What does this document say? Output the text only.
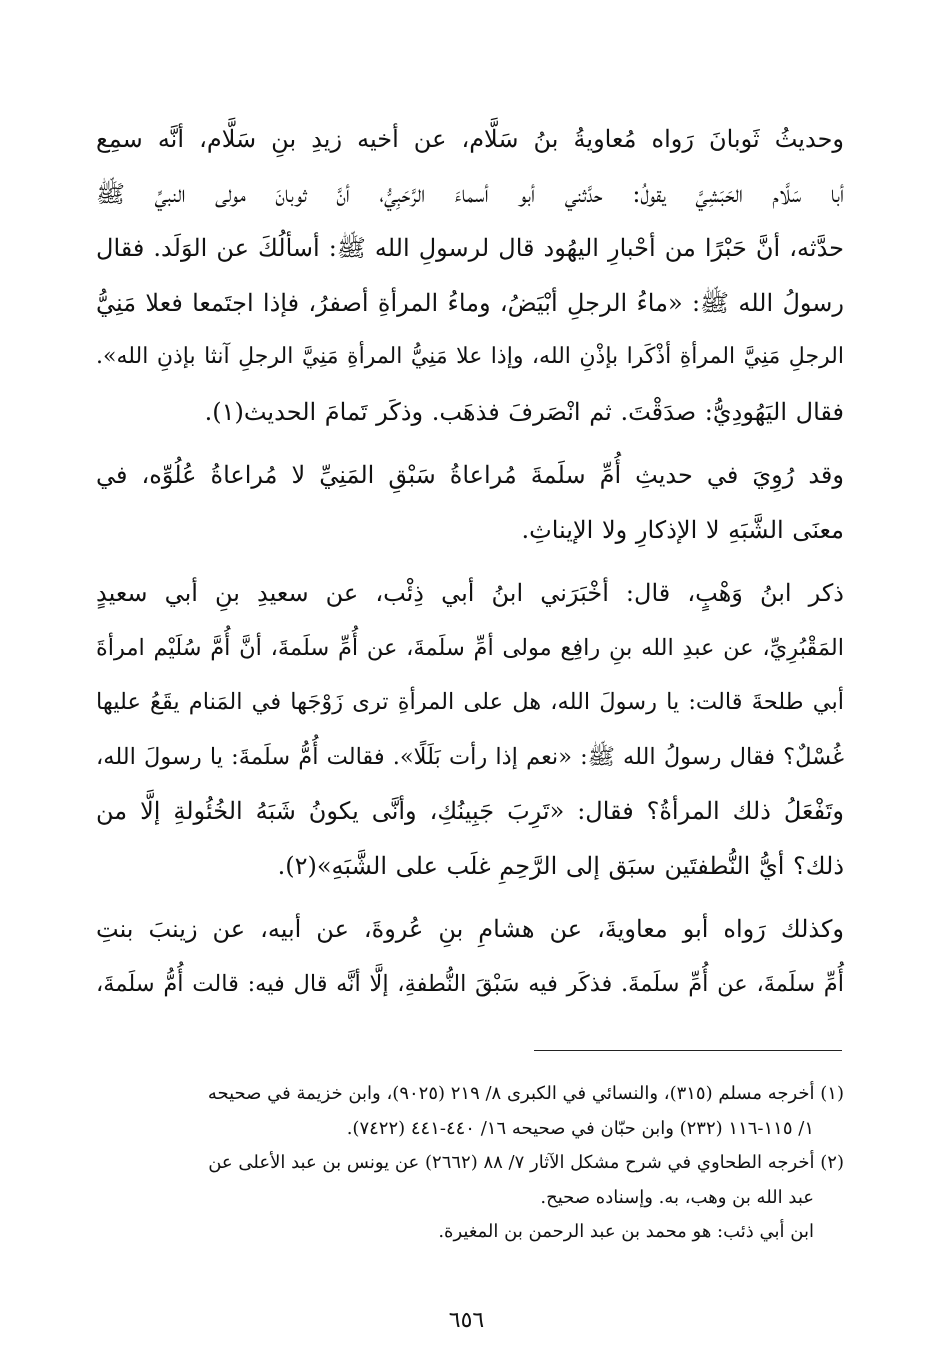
وحديثُ ثَوبانَ رَواه مُعاويةُ بنُ سَلَّام، عن أخيه زيدِ بنِ سَلَّام، أنَّه سمِع
أبا سَلَّام الحَبَشِيَّ يقولُ: حدَّثني أبو أسماءَ الرَّحَبِيُّ، أنَّ ثوبانَ مولى النبيِّ ﷺ
حدَّثه، أنَّ حَبْرًا من أحْبارِ اليهُود قال لرسولِ الله ﷺ: أسألُكَ عن الوَلَد. فقال
رسولُ الله ﷺ: «ماءُ الرجلِ أبْيَضُ، وماءُ المرأةِ أصفرُ، فإذا اجتَمعا فعلا مَنِيُّ
الرجلِ مَنِيَّ المرأةِ أذْكَرا بإذْنِ الله، وإذا علا مَنِيُّ المرأةِ مَنِيَّ الرجلِ آنثا بإذنِ الله».
فقال اليَهُودِيُّ: صدَقْتَ. ثم انْصَرفَ فذهَب. وذكَر تَمامَ الحديث(١).

وقد رُوِيَ في حديثِ أُمِّ سلَمةَ مُراعاةُ سَبْقِ المَنِيِّ لا مُراعاةُ عُلُوِّه، في
معنَى الشَّبَهِ لا الإذكارِ ولا الإيناثِ.

ذكر ابنُ وَهْبٍ، قال: أخْبَرَني ابنُ أبي ذِئْب، عن سعيدِ بنِ أبي سعيدٍ
المَقْبُرِيِّ، عن عبدِ الله بنِ رافِع مولى أمِّ سلَمةَ، عن أُمِّ سلَمةَ، أنَّ أُمَّ سُلَيْم امرأةَ
أبي طلحةَ قالت: يا رسولَ الله، هل على المرأةِ ترى زَوْجَها في المَنام يقَعُ عليها
غُسْلٌ؟ فقال رسولُ الله ﷺ: «نعم إذا رأت بَلَلًا». فقالت أُمُّ سلَمةَ: يا رسولَ الله،
وتَفْعَلُ ذلك المرأةُ؟ فقال: «تَرِبَ جَبِينُكِ، وأنَّى يكونُ شَبَهُ الخُئُولةِ إلَّا من
ذلك؟ أيُّ النُّطفتَين سبَق إلى الرَّحِمِ غلَب على الشَّبَهِ»(٢).

وكذلك رَواه أبو معاويةَ، عن هشامِ بنِ عُروةَ، عن أبيه، عن زينبَ بنتِ
أُمِّ سلَمةَ، عن أُمِّ سلَمةَ. فذكَر فيه سَبْقَ النُّطفةِ، إلَّا أنَّه قال فيه: قالت أُمُّ سلَمةَ،

(١) أخرجه مسلم (٣١٥)، والنسائي في الكبرى ٨/ ٢١٩ (٩٠٢٥)، وابن خزيمة في صحيحه
١/ ١١٥-١١٦ (٢٣٢) وابن حبّان في صحيحه ١٦/ ٤٤٠-٤٤١ (٧٤٢٢).

(٢) أخرجه الطحاوي في شرح مشكل الآثار ٧/ ٨٨ (٢٦٦٢) عن يونس بن عبد الأعلى عن
عبد الله بن وهب، به. وإسناده صحيح.
ابن أبي ذئب: هو محمد بن عبد الرحمن بن المغيرة.

٦٥٦
